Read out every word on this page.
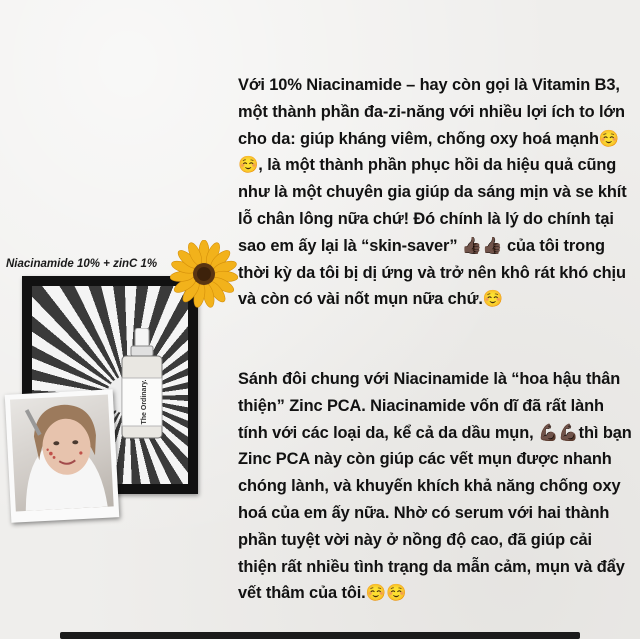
Niacinamide 10% + zinC 1%
The Ordinary.

Với 10% Niacinamide – hay còn gọi là Vitamin B3, một thành phần đa-zi-năng với nhiều lợi ích to lớn cho da: giúp kháng viêm, chống oxy hoá mạnh☺️☺️, là một thành phần phục hồi da hiệu quả cũng như là một chuyên gia giúp da sáng mịn và se khít lỗ chân lông nữa chứ! Đó chính là lý do chính tại sao em ấy lại là “skin-saver” 👍🏿👍🏿 của tôi trong thời kỳ da tôi bị dị ứng và trở nên khô rát khó chịu và còn có vài nốt mụn nữa chứ.☺️

Sánh đôi chung với Niacinamide là “hoa hậu thân thiện” Zinc PCA. Niacinamide vốn dĩ đã rất lành tính với các loại da, kể cả da dầu mụn, 💪🏿💪🏿thì bạn Zinc PCA này còn giúp các vết mụn được nhanh chóng lành, và khuyến khích khả năng chống oxy hoá của em ấy nữa. Nhờ có serum với hai thành phần tuyệt vời này ở nồng độ cao, đã giúp cải thiện rất nhiều tình trạng da mẫn cảm, mụn và đẩy vết thâm của tôi.☺️☺️
